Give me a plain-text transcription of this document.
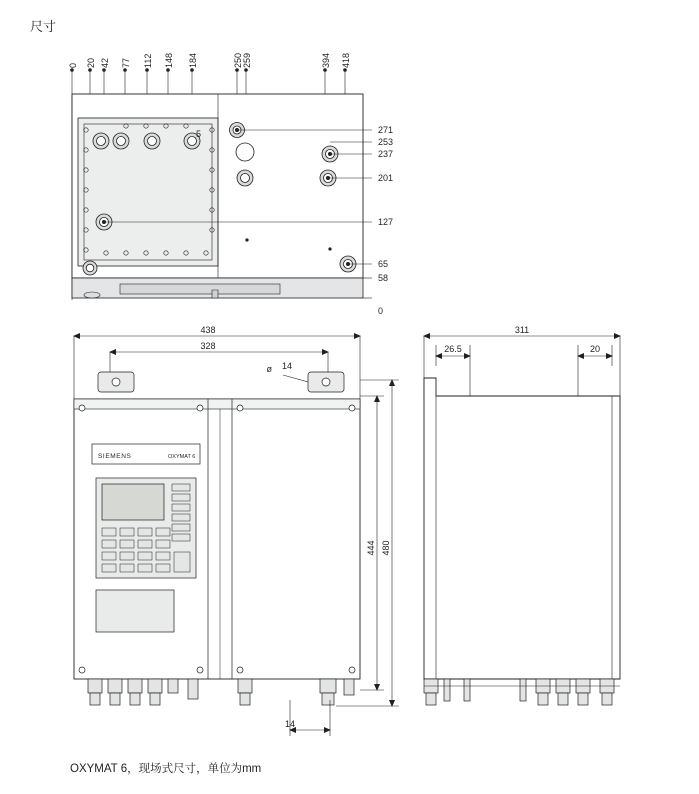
尺寸
0 20 42 77 112 148 184	250 259	394 418
5	271
253
237
201
127
65
58
0
438
328
ø 14
SIEMENS	OXYMAT 6
444 480
14
311
26.5	20
OXYMAT 6，现场式尺寸，单位为mm
